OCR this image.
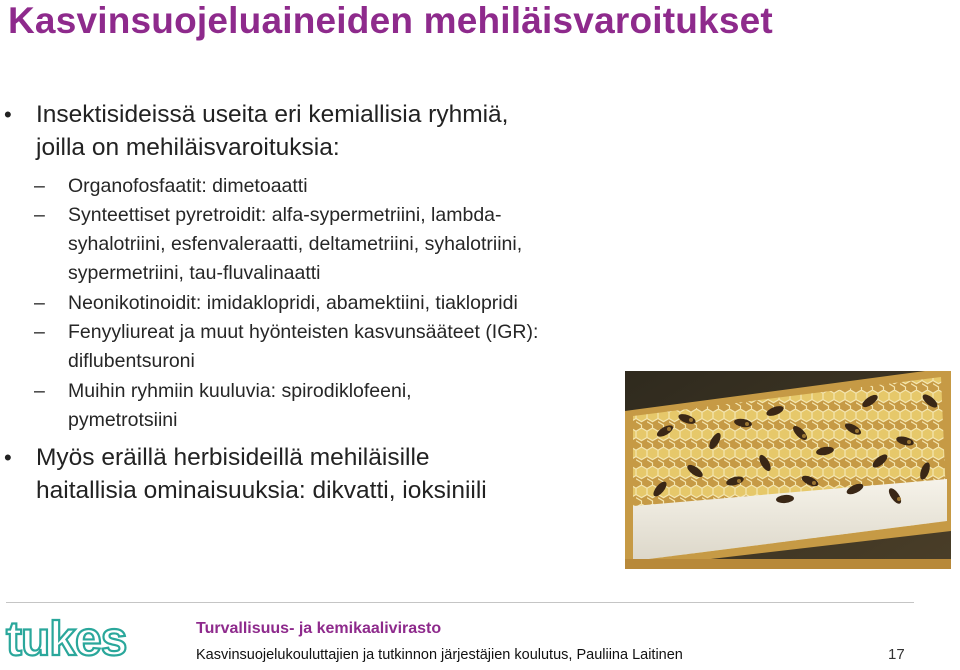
Kasvinsuojeluaineiden mehiläisvaroitukset
• Insektisideissä useita eri kemiallisia ryhmiä,
joilla on mehiläisvaroituksia:
– Organofosfaatit: dimetoaatti
– Synteettiset pyretroidit: alfa-sypermetriini, lambda-
syhalotriini, esfenvaleraatti, deltametriini, syhalotriini,
sypermetriini, tau-fluvalinaatti
– Neonikotinoidit: imidaklopridi, abamektiini, tiaklopridi
– Fenyyliureat ja muut hyönteisten kasvunsääteet (IGR):
diflubentsuroni
– Muihin ryhmiin kuuluvia: spirodiklofeeni,
pymetrotsiini
• Myös eräillä herbisideillä mehiläisille
haitallisia ominaisuuksia: dikvatti, ioksiniili
tukes	Turvallisuus- ja kemikaalivirasto
Kasvinsuojelukouluttajien ja tutkinnon järjestäjien koulutus, Pauliina Laitinen	17
